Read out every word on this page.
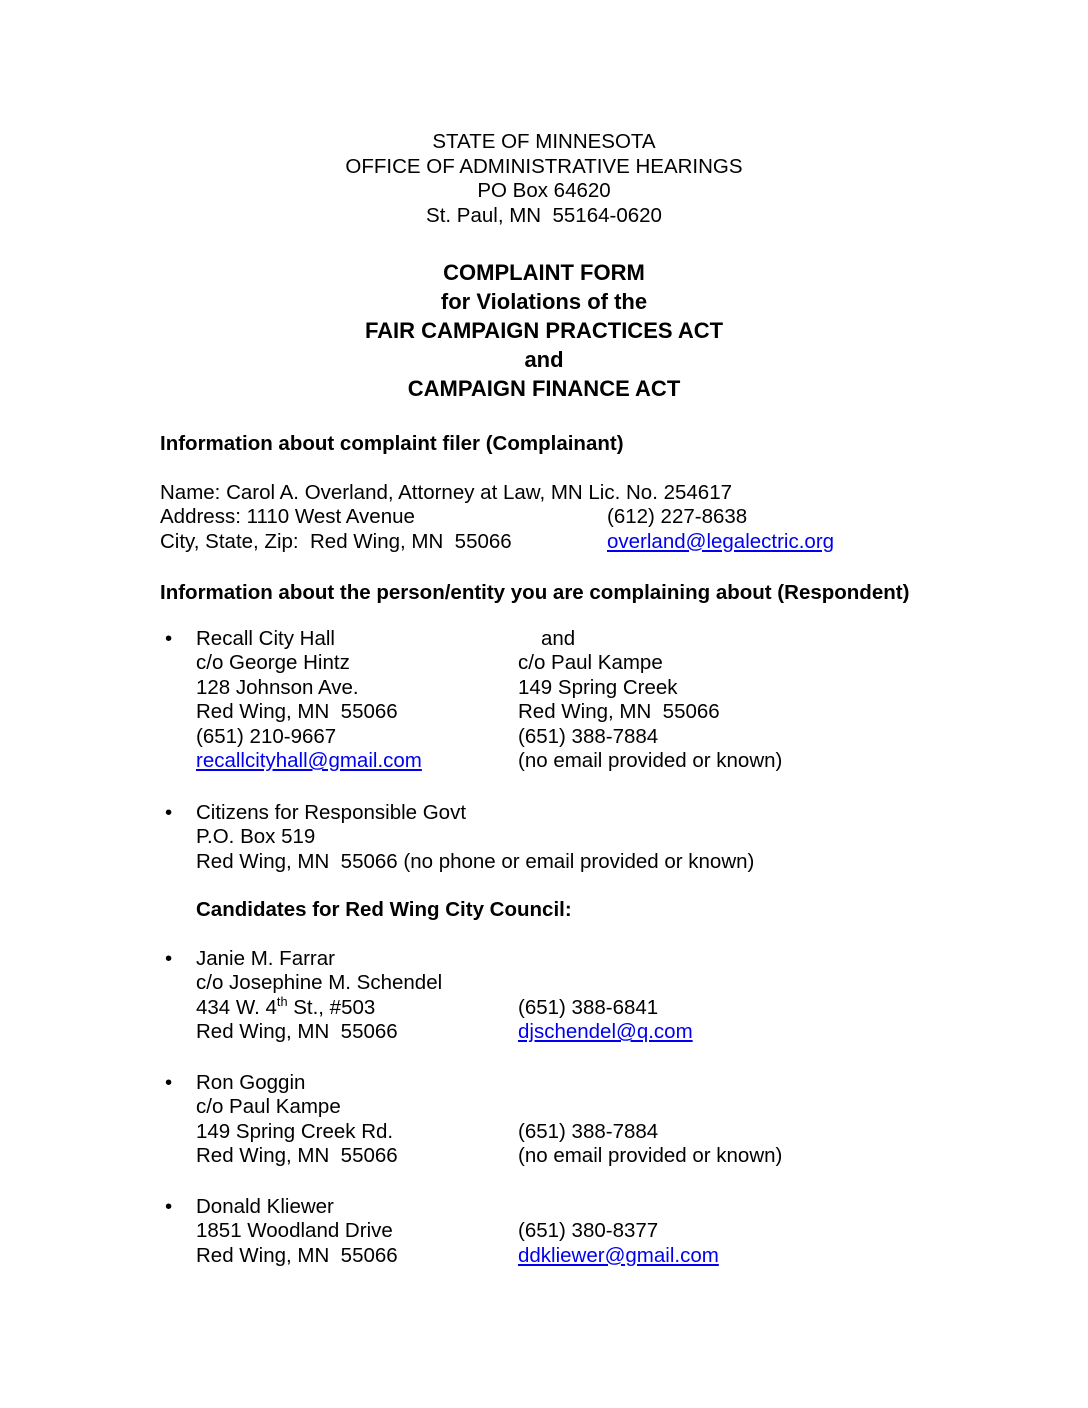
STATE OF MINNESOTA
OFFICE OF ADMINISTRATIVE HEARINGS
PO Box 64620
St. Paul, MN  55164-0620
COMPLAINT FORM
for Violations of the
FAIR CAMPAIGN PRACTICES ACT
and
CAMPAIGN FINANCE ACT
Information about complaint filer (Complainant)
Name: Carol A. Overland, Attorney at Law, MN Lic. No. 254617
Address: 1110 West Avenue	(612) 227-8638
City, State, Zip:  Red Wing, MN  55066	overland@legalectric.org
Information about the person/entity you are complaining about (Respondent)
• Recall City Hall	and
c/o George Hintz	c/o Paul Kampe
128 Johnson Ave.	149 Spring Creek
Red Wing, MN  55066	Red Wing, MN  55066
(651) 210-9667	(651) 388-7884
recallcityhall@gmail.com	(no email provided or known)
• Citizens for Responsible Govt
P.O. Box 519
Red Wing, MN  55066 (no phone or email provided or known)
Candidates for Red Wing City Council:
• Janie M. Farrar
c/o Josephine M. Schendel
434 W. 4th St., #503	(651) 388-6841
Red Wing, MN  55066	djschendel@q.com
• Ron Goggin
c/o Paul Kampe
149 Spring Creek Rd.	(651) 388-7884
Red Wing, MN  55066	(no email provided or known)
• Donald Kliewer
1851 Woodland Drive	(651) 380-8377
Red Wing, MN  55066	ddkliewer@gmail.com
